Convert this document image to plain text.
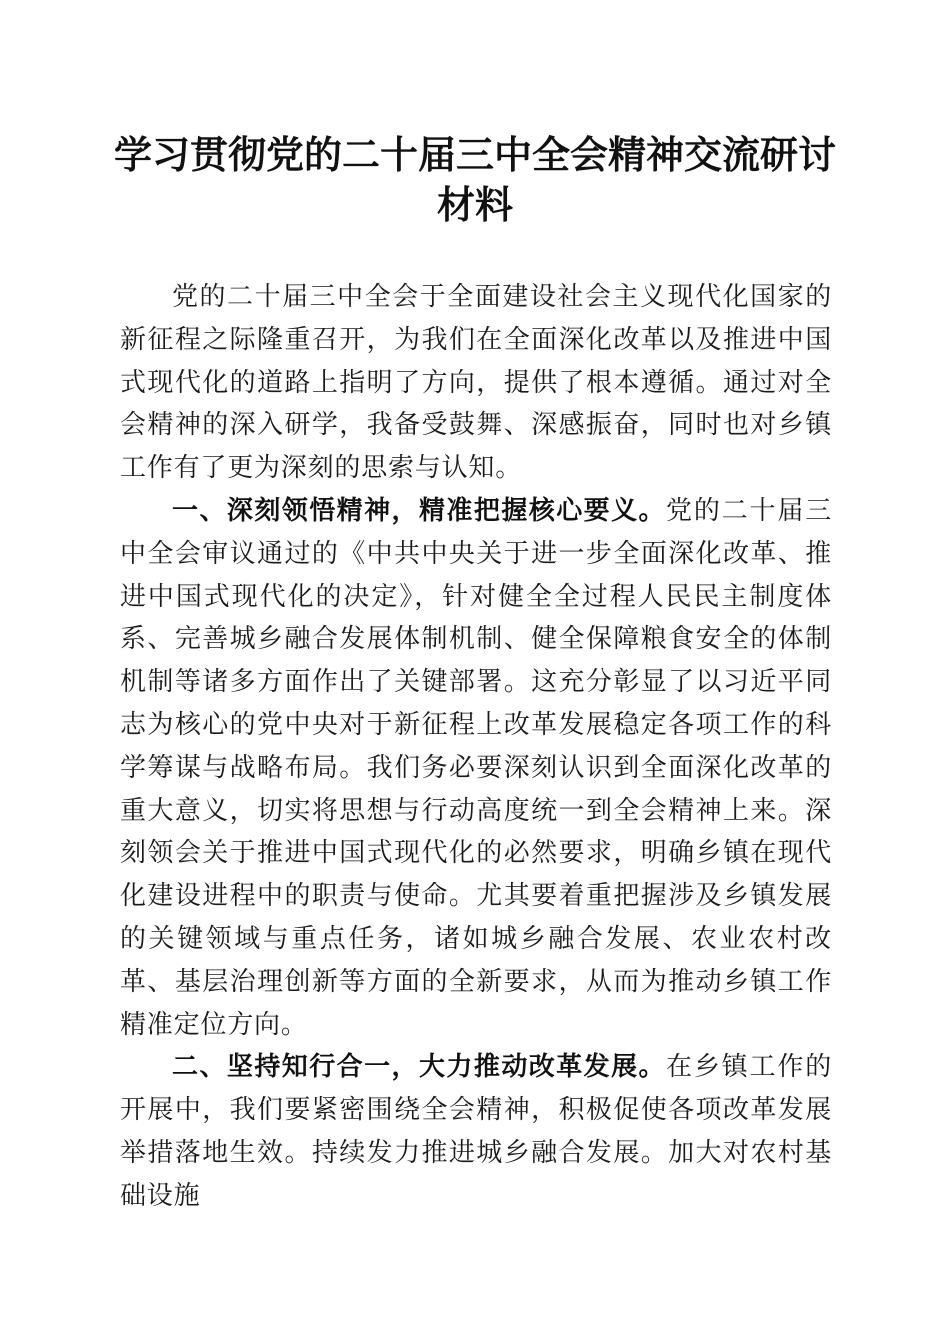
学习贯彻党的二十届三中全会精神交流研讨材料

党的二十届三中全会于全面建设社会主义现代化国家的新征程之际隆重召开，为我们在全面深化改革以及推进中国式现代化的道路上指明了方向，提供了根本遵循。通过对全会精神的深入研学，我备受鼓舞、深感振奋，同时也对乡镇工作有了更为深刻的思索与认知。

一、深刻领悟精神，精准把握核心要义。党的二十届三中全会审议通过的《中共中央关于进一步全面深化改革、推进中国式现代化的决定》，针对健全全过程人民民主制度体系、完善城乡融合发展体制机制、健全保障粮食安全的体制机制等诸多方面作出了关键部署。这充分彰显了以习近平同志为核心的党中央对于新征程上改革发展稳定各项工作的科学筹谋与战略布局。我们务必要深刻认识到全面深化改革的重大意义，切实将思想与行动高度统一到全会精神上来。深刻领会关于推进中国式现代化的必然要求，明确乡镇在现代化建设进程中的职责与使命。尤其要着重把握涉及乡镇发展的关键领域与重点任务，诸如城乡融合发展、农业农村改革、基层治理创新等方面的全新要求，从而为推动乡镇工作精准定位方向。

二、坚持知行合一，大力推动改革发展。在乡镇工作的开展中，我们要紧密围绕全会精神，积极促使各项改革发展举措落地生效。持续发力推进城乡融合发展。加大对农村基础设施
